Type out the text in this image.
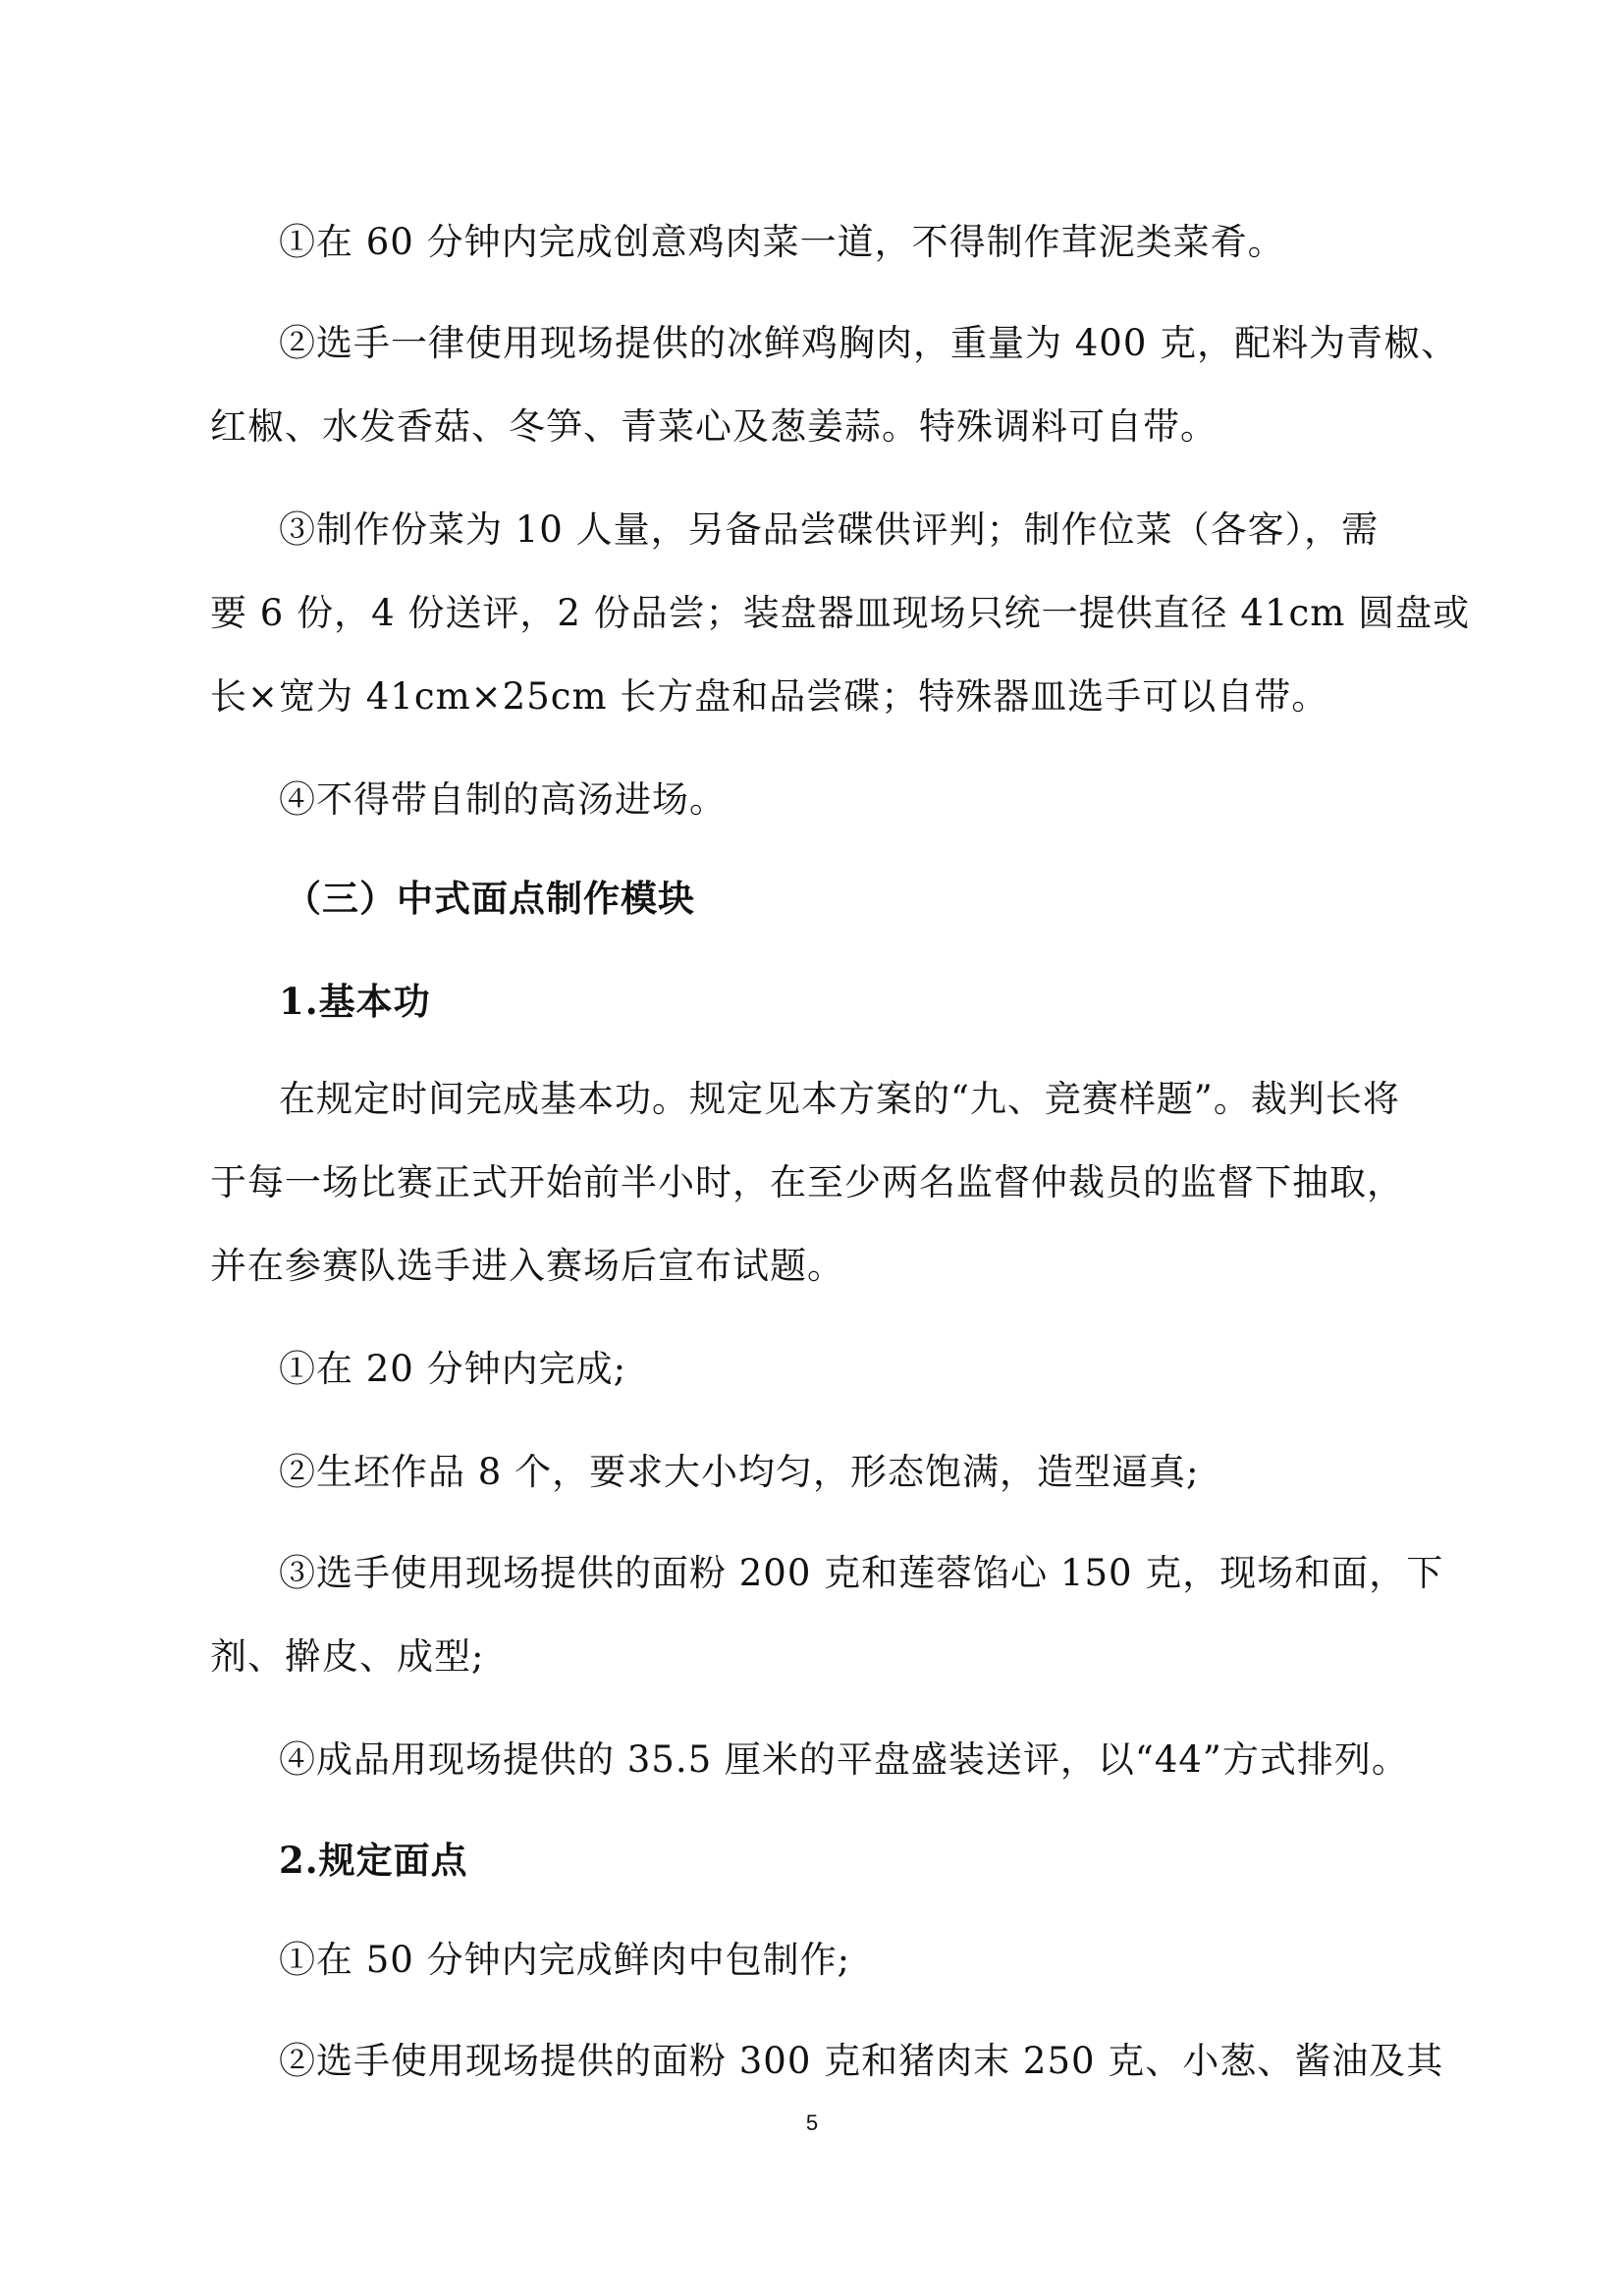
①在 60 分钟内完成创意鸡肉菜一道，不得制作茸泥类菜肴。
②选手一律使用现场提供的冰鲜鸡胸肉，重量为 400 克，配料为青椒、
红椒、水发香菇、冬笋、青菜心及葱姜蒜。特殊调料可自带。
③制作份菜为 10 人量，另备品尝碟供评判；制作位菜（各客），需
要 6 份，4 份送评，2 份品尝；装盘器皿现场只统一提供直径 41cm 圆盘或
长×宽为 41cm×25cm 长方盘和品尝碟；特殊器皿选手可以自带。
④不得带自制的高汤进场。
（三）中式面点制作模块
1.基本功
在规定时间完成基本功。规定见本方案的“九、竞赛样题”。裁判长将
于每一场比赛正式开始前半小时，在至少两名监督仲裁员的监督下抽取，
并在参赛队选手进入赛场后宣布试题。
①在 20 分钟内完成;
②生坯作品 8 个，要求大小均匀，形态饱满，造型逼真;
③选手使用现场提供的面粉 200 克和莲蓉馅心 150 克，现场和面，下
剂、擀皮、成型;
④成品用现场提供的 35.5 厘米的平盘盛装送评，以“44”方式排列。
2.规定面点
①在 50 分钟内完成鲜肉中包制作;
②选手使用现场提供的面粉 300 克和猪肉末 250 克、小葱、酱油及其
5
